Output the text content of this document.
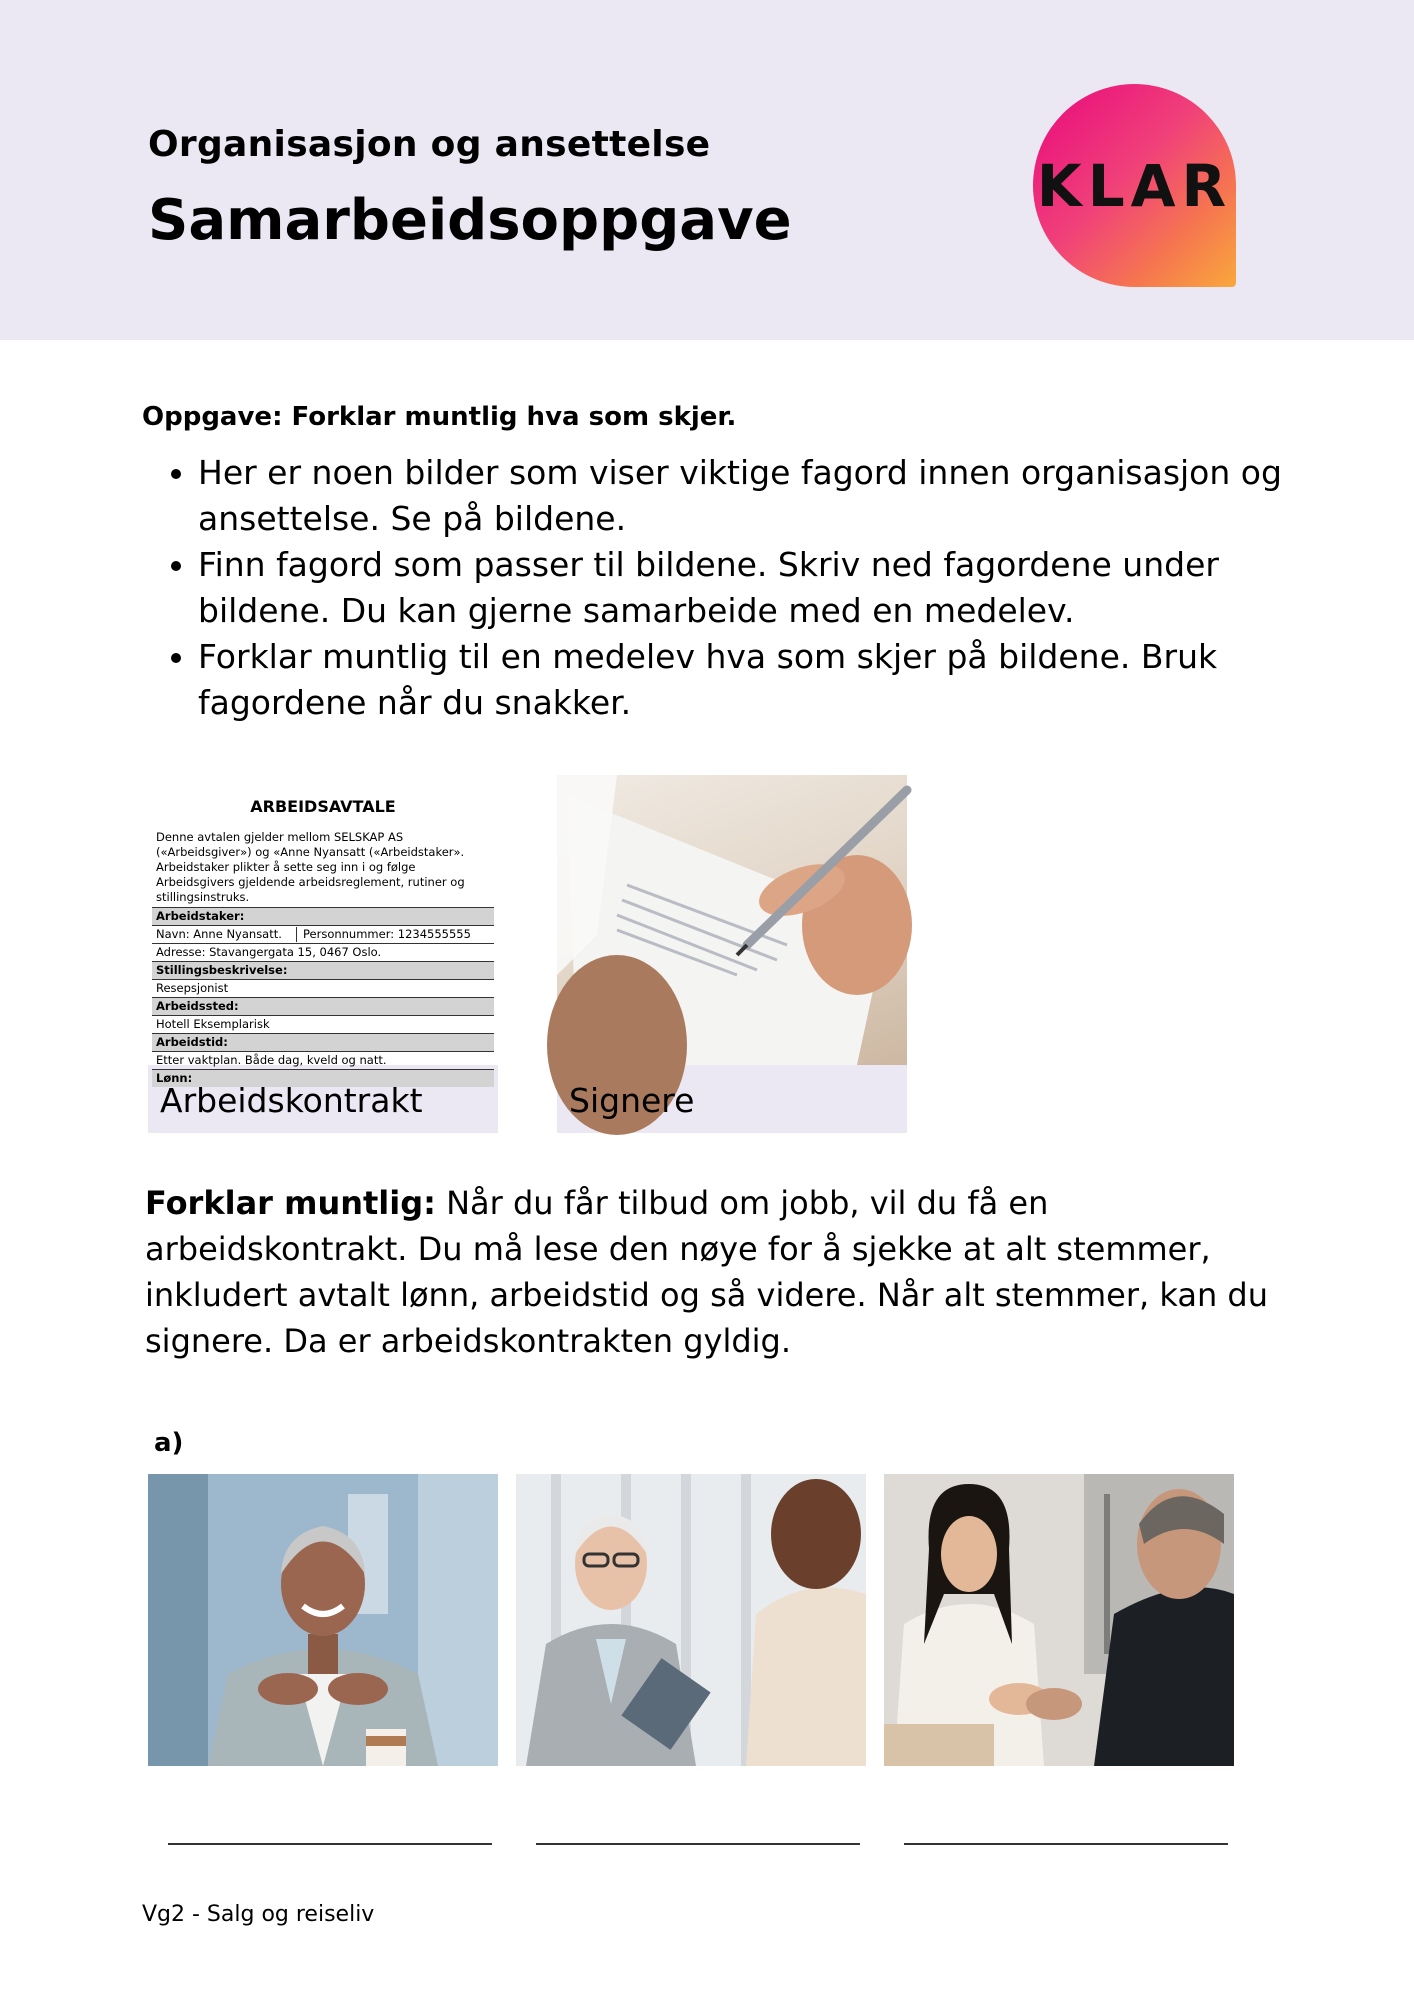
Organisasjon og ansettelse
Samarbeidsoppgave
KLAR
Oppgave: Forklar muntlig hva som skjer.
• Her er noen bilder som viser viktige fagord innen organisasjon og ansettelse. Se på bildene.
• Finn fagord som passer til bildene. Skriv ned fagordene under bildene. Du kan gjerne samarbeide med en medelev.
• Forklar muntlig til en medelev hva som skjer på bildene. Bruk fagordene når du snakker.
ARBEIDSAVTALE
Denne avtalen gjelder mellom SELSKAP AS («Arbeidsgiver») og «Anne Nyansatt («Arbeidstaker». Arbeidstaker plikter å sette seg inn i og følge Arbeidsgivers gjeldende arbeidsreglement, rutiner og stillingsinstruks.
Arbeidstaker:
Navn: Anne Nyansatt.	Personnummer: 1234555555
Adresse: Stavangergata 15, 0467 Oslo.
Stillingsbeskrivelse:
Resepsjonist
Arbeidssted:
Hotell Eksemplarisk
Arbeidstid:
Etter vaktplan. Både dag, kveld og natt.
Lønn:
Arbeidskontrakt	Signere
Forklar muntlig: Når du får tilbud om jobb, vil du få en arbeidskontrakt. Du må lese den nøye for å sjekke at alt stemmer, inkludert avtalt lønn, arbeidstid og så videre. Når alt stemmer, kan du signere. Da er arbeidskontrakten gyldig.
a)
Vg2 - Salg og reiseliv
